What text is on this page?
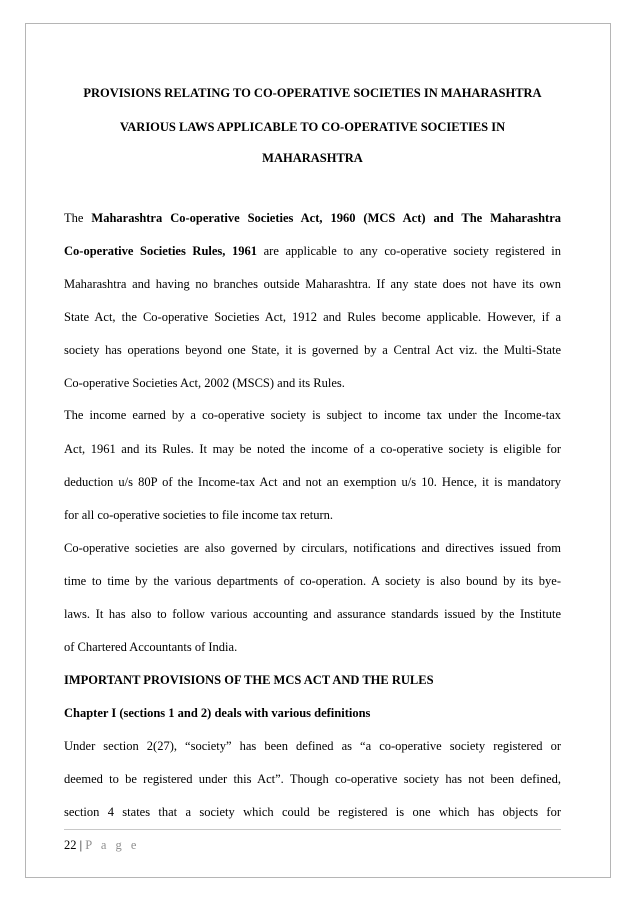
PROVISIONS RELATING TO CO-OPERATIVE SOCIETIES IN MAHARASHTRA
VARIOUS LAWS APPLICABLE TO CO-OPERATIVE SOCIETIES IN
MAHARASHTRA
The Maharashtra Co-operative Societies Act, 1960 (MCS Act) and The Maharashtra
Co-operative Societies Rules, 1961 are applicable to any co-operative society registered in
Maharashtra and having no branches outside Maharashtra. If any state does not have its own
State Act, the Co-operative Societies Act, 1912 and Rules become applicable. However, if a
society has operations beyond one State, it is governed by a Central Act viz. the Multi-State
Co-operative Societies Act, 2002 (MSCS) and its Rules.
The income earned by a co-operative society is subject to income tax under the Income-tax
Act, 1961 and its Rules. It may be noted the income of a co-operative society is eligible for
deduction u/s 80P of the Income-tax Act and not an exemption u/s 10. Hence, it is mandatory
for all co-operative societies to file income tax return.
Co-operative societies are also governed by circulars, notifications and directives issued from
time to time by the various departments of co-operation. A society is also bound by its bye-
laws. It has also to follow various accounting and assurance standards issued by the Institute
of Chartered Accountants of India.
IMPORTANT PROVISIONS OF THE MCS ACT AND THE RULES
Chapter I (sections 1 and 2) deals with various definitions
Under section 2(27), “society” has been defined as “a co-operative society registered or
deemed to be registered under this Act”. Though co-operative society has not been defined,
section 4 states that a society which could be registered is one which has objects for
22 | P a g e
